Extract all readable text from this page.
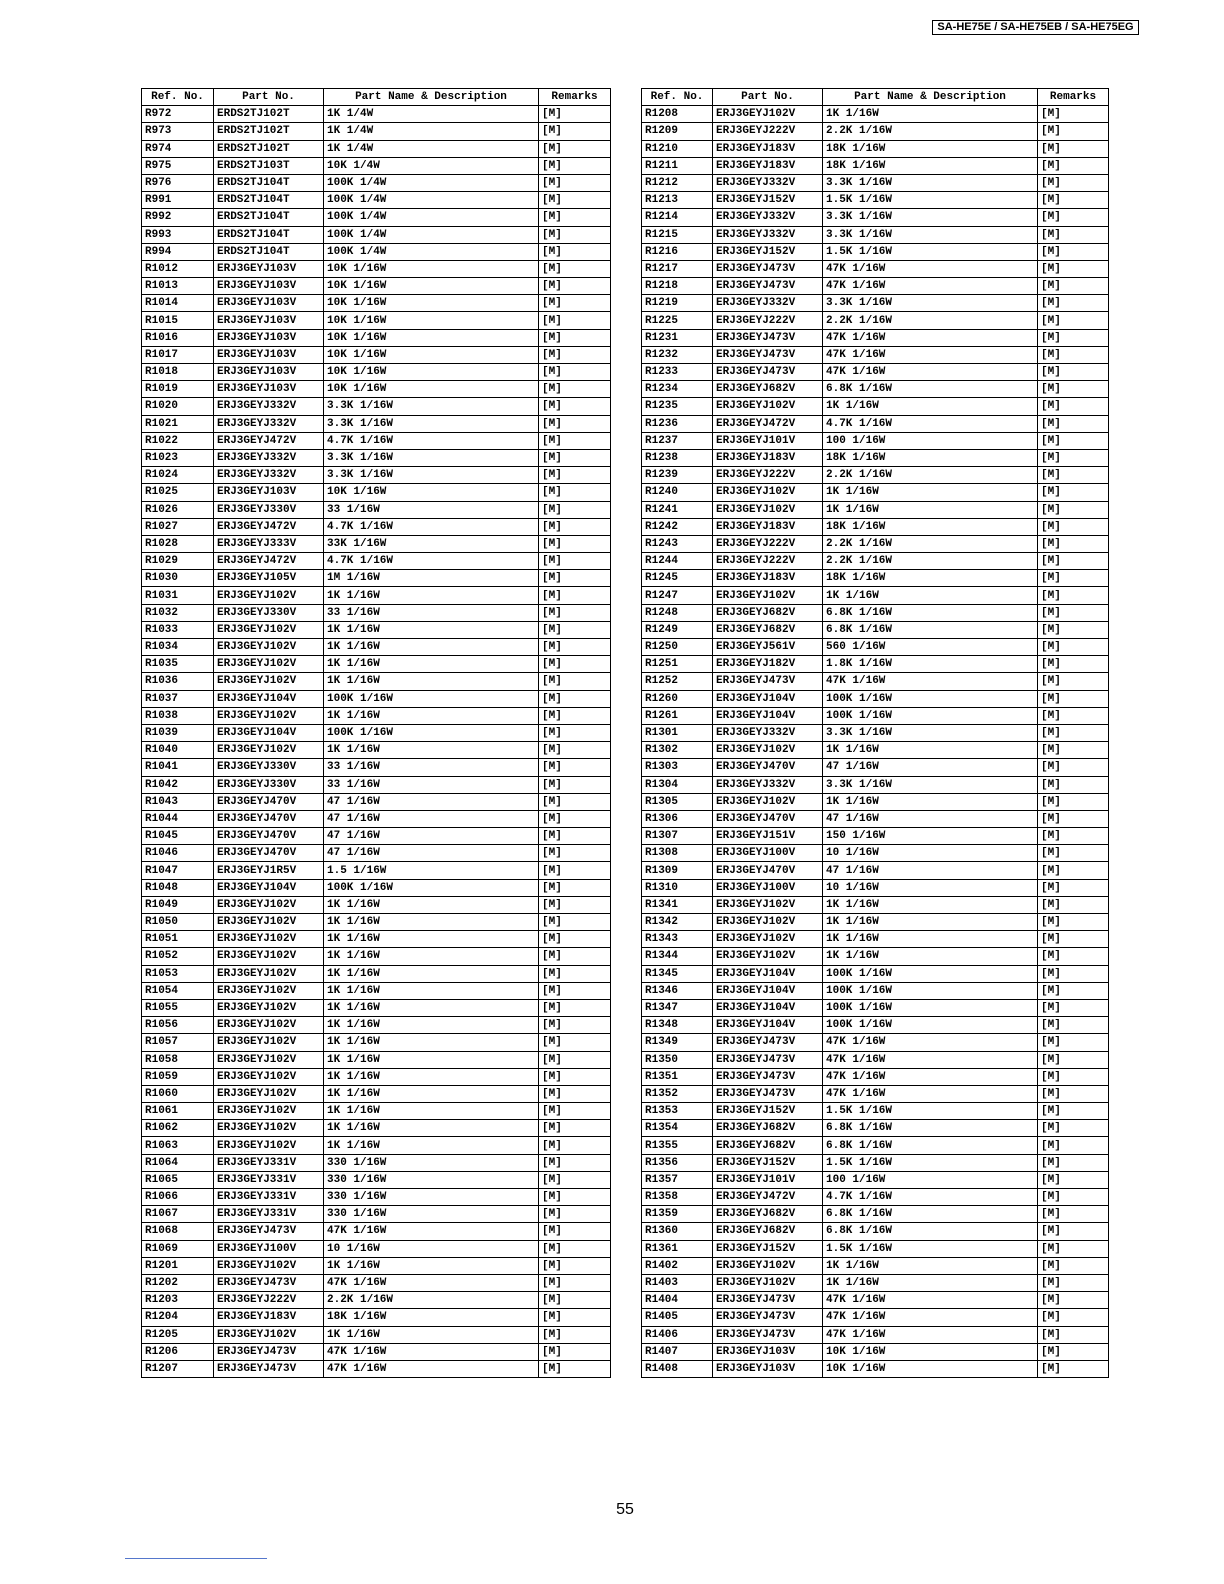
SA-HE75E / SA-HE75EB / SA-HE75EG
Ref. No.	Part No.	Part Name & Description	Remarks
R972	ERDS2TJ102T	1K 1/4W	[M]
R973	ERDS2TJ102T	1K 1/4W	[M]
R974	ERDS2TJ102T	1K 1/4W	[M]
R975	ERDS2TJ103T	10K 1/4W	[M]
R976	ERDS2TJ104T	100K 1/4W	[M]
R991	ERDS2TJ104T	100K 1/4W	[M]
R992	ERDS2TJ104T	100K 1/4W	[M]
R993	ERDS2TJ104T	100K 1/4W	[M]
R994	ERDS2TJ104T	100K 1/4W	[M]
R1012	ERJ3GEYJ103V	10K 1/16W	[M]
R1013	ERJ3GEYJ103V	10K 1/16W	[M]
R1014	ERJ3GEYJ103V	10K 1/16W	[M]
R1015	ERJ3GEYJ103V	10K 1/16W	[M]
R1016	ERJ3GEYJ103V	10K 1/16W	[M]
R1017	ERJ3GEYJ103V	10K 1/16W	[M]
R1018	ERJ3GEYJ103V	10K 1/16W	[M]
R1019	ERJ3GEYJ103V	10K 1/16W	[M]
R1020	ERJ3GEYJ332V	3.3K 1/16W	[M]
R1021	ERJ3GEYJ332V	3.3K 1/16W	[M]
R1022	ERJ3GEYJ472V	4.7K 1/16W	[M]
R1023	ERJ3GEYJ332V	3.3K 1/16W	[M]
R1024	ERJ3GEYJ332V	3.3K 1/16W	[M]
R1025	ERJ3GEYJ103V	10K 1/16W	[M]
R1026	ERJ3GEYJ330V	33 1/16W	[M]
R1027	ERJ3GEYJ472V	4.7K 1/16W	[M]
R1028	ERJ3GEYJ333V	33K 1/16W	[M]
R1029	ERJ3GEYJ472V	4.7K 1/16W	[M]
R1030	ERJ3GEYJ105V	1M 1/16W	[M]
R1031	ERJ3GEYJ102V	1K 1/16W	[M]
R1032	ERJ3GEYJ330V	33 1/16W	[M]
R1033	ERJ3GEYJ102V	1K 1/16W	[M]
R1034	ERJ3GEYJ102V	1K 1/16W	[M]
R1035	ERJ3GEYJ102V	1K 1/16W	[M]
R1036	ERJ3GEYJ102V	1K 1/16W	[M]
R1037	ERJ3GEYJ104V	100K 1/16W	[M]
R1038	ERJ3GEYJ102V	1K 1/16W	[M]
R1039	ERJ3GEYJ104V	100K 1/16W	[M]
R1040	ERJ3GEYJ102V	1K 1/16W	[M]
R1041	ERJ3GEYJ330V	33 1/16W	[M]
R1042	ERJ3GEYJ330V	33 1/16W	[M]
R1043	ERJ3GEYJ470V	47 1/16W	[M]
R1044	ERJ3GEYJ470V	47 1/16W	[M]
R1045	ERJ3GEYJ470V	47 1/16W	[M]
R1046	ERJ3GEYJ470V	47 1/16W	[M]
R1047	ERJ3GEYJ1R5V	1.5 1/16W	[M]
R1048	ERJ3GEYJ104V	100K 1/16W	[M]
R1049	ERJ3GEYJ102V	1K 1/16W	[M]
R1050	ERJ3GEYJ102V	1K 1/16W	[M]
R1051	ERJ3GEYJ102V	1K 1/16W	[M]
R1052	ERJ3GEYJ102V	1K 1/16W	[M]
R1053	ERJ3GEYJ102V	1K 1/16W	[M]
R1054	ERJ3GEYJ102V	1K 1/16W	[M]
R1055	ERJ3GEYJ102V	1K 1/16W	[M]
R1056	ERJ3GEYJ102V	1K 1/16W	[M]
R1057	ERJ3GEYJ102V	1K 1/16W	[M]
R1058	ERJ3GEYJ102V	1K 1/16W	[M]
R1059	ERJ3GEYJ102V	1K 1/16W	[M]
R1060	ERJ3GEYJ102V	1K 1/16W	[M]
R1061	ERJ3GEYJ102V	1K 1/16W	[M]
R1062	ERJ3GEYJ102V	1K 1/16W	[M]
R1063	ERJ3GEYJ102V	1K 1/16W	[M]
R1064	ERJ3GEYJ331V	330 1/16W	[M]
R1065	ERJ3GEYJ331V	330 1/16W	[M]
R1066	ERJ3GEYJ331V	330 1/16W	[M]
R1067	ERJ3GEYJ331V	330 1/16W	[M]
R1068	ERJ3GEYJ473V	47K 1/16W	[M]
R1069	ERJ3GEYJ100V	10 1/16W	[M]
R1201	ERJ3GEYJ102V	1K 1/16W	[M]
R1202	ERJ3GEYJ473V	47K 1/16W	[M]
R1203	ERJ3GEYJ222V	2.2K 1/16W	[M]
R1204	ERJ3GEYJ183V	18K 1/16W	[M]
R1205	ERJ3GEYJ102V	1K 1/16W	[M]
R1206	ERJ3GEYJ473V	47K 1/16W	[M]
R1207	ERJ3GEYJ473V	47K 1/16W	[M]
Ref. No.	Part No.	Part Name & Description	Remarks
R1208	ERJ3GEYJ102V	1K 1/16W	[M]
R1209	ERJ3GEYJ222V	2.2K 1/16W	[M]
R1210	ERJ3GEYJ183V	18K 1/16W	[M]
R1211	ERJ3GEYJ183V	18K 1/16W	[M]
R1212	ERJ3GEYJ332V	3.3K 1/16W	[M]
R1213	ERJ3GEYJ152V	1.5K 1/16W	[M]
R1214	ERJ3GEYJ332V	3.3K 1/16W	[M]
R1215	ERJ3GEYJ332V	3.3K 1/16W	[M]
R1216	ERJ3GEYJ152V	1.5K 1/16W	[M]
R1217	ERJ3GEYJ473V	47K 1/16W	[M]
R1218	ERJ3GEYJ473V	47K 1/16W	[M]
R1219	ERJ3GEYJ332V	3.3K 1/16W	[M]
R1225	ERJ3GEYJ222V	2.2K 1/16W	[M]
R1231	ERJ3GEYJ473V	47K 1/16W	[M]
R1232	ERJ3GEYJ473V	47K 1/16W	[M]
R1233	ERJ3GEYJ473V	47K 1/16W	[M]
R1234	ERJ3GEYJ682V	6.8K 1/16W	[M]
R1235	ERJ3GEYJ102V	1K 1/16W	[M]
R1236	ERJ3GEYJ472V	4.7K 1/16W	[M]
R1237	ERJ3GEYJ101V	100 1/16W	[M]
R1238	ERJ3GEYJ183V	18K 1/16W	[M]
R1239	ERJ3GEYJ222V	2.2K 1/16W	[M]
R1240	ERJ3GEYJ102V	1K 1/16W	[M]
R1241	ERJ3GEYJ102V	1K 1/16W	[M]
R1242	ERJ3GEYJ183V	18K 1/16W	[M]
R1243	ERJ3GEYJ222V	2.2K 1/16W	[M]
R1244	ERJ3GEYJ222V	2.2K 1/16W	[M]
R1245	ERJ3GEYJ183V	18K 1/16W	[M]
R1247	ERJ3GEYJ102V	1K 1/16W	[M]
R1248	ERJ3GEYJ682V	6.8K 1/16W	[M]
R1249	ERJ3GEYJ682V	6.8K 1/16W	[M]
R1250	ERJ3GEYJ561V	560 1/16W	[M]
R1251	ERJ3GEYJ182V	1.8K 1/16W	[M]
R1252	ERJ3GEYJ473V	47K 1/16W	[M]
R1260	ERJ3GEYJ104V	100K 1/16W	[M]
R1261	ERJ3GEYJ104V	100K 1/16W	[M]
R1301	ERJ3GEYJ332V	3.3K 1/16W	[M]
R1302	ERJ3GEYJ102V	1K 1/16W	[M]
R1303	ERJ3GEYJ470V	47 1/16W	[M]
R1304	ERJ3GEYJ332V	3.3K 1/16W	[M]
R1305	ERJ3GEYJ102V	1K 1/16W	[M]
R1306	ERJ3GEYJ470V	47 1/16W	[M]
R1307	ERJ3GEYJ151V	150 1/16W	[M]
R1308	ERJ3GEYJ100V	10 1/16W	[M]
R1309	ERJ3GEYJ470V	47 1/16W	[M]
R1310	ERJ3GEYJ100V	10 1/16W	[M]
R1341	ERJ3GEYJ102V	1K 1/16W	[M]
R1342	ERJ3GEYJ102V	1K 1/16W	[M]
R1343	ERJ3GEYJ102V	1K 1/16W	[M]
R1344	ERJ3GEYJ102V	1K 1/16W	[M]
R1345	ERJ3GEYJ104V	100K 1/16W	[M]
R1346	ERJ3GEYJ104V	100K 1/16W	[M]
R1347	ERJ3GEYJ104V	100K 1/16W	[M]
R1348	ERJ3GEYJ104V	100K 1/16W	[M]
R1349	ERJ3GEYJ473V	47K 1/16W	[M]
R1350	ERJ3GEYJ473V	47K 1/16W	[M]
R1351	ERJ3GEYJ473V	47K 1/16W	[M]
R1352	ERJ3GEYJ473V	47K 1/16W	[M]
R1353	ERJ3GEYJ152V	1.5K 1/16W	[M]
R1354	ERJ3GEYJ682V	6.8K 1/16W	[M]
R1355	ERJ3GEYJ682V	6.8K 1/16W	[M]
R1356	ERJ3GEYJ152V	1.5K 1/16W	[M]
R1357	ERJ3GEYJ101V	100 1/16W	[M]
R1358	ERJ3GEYJ472V	4.7K 1/16W	[M]
R1359	ERJ3GEYJ682V	6.8K 1/16W	[M]
R1360	ERJ3GEYJ682V	6.8K 1/16W	[M]
R1361	ERJ3GEYJ152V	1.5K 1/16W	[M]
R1402	ERJ3GEYJ102V	1K 1/16W	[M]
R1403	ERJ3GEYJ102V	1K 1/16W	[M]
R1404	ERJ3GEYJ473V	47K 1/16W	[M]
R1405	ERJ3GEYJ473V	47K 1/16W	[M]
R1406	ERJ3GEYJ473V	47K 1/16W	[M]
R1407	ERJ3GEYJ103V	10K 1/16W	[M]
R1408	ERJ3GEYJ103V	10K 1/16W	[M]
55
